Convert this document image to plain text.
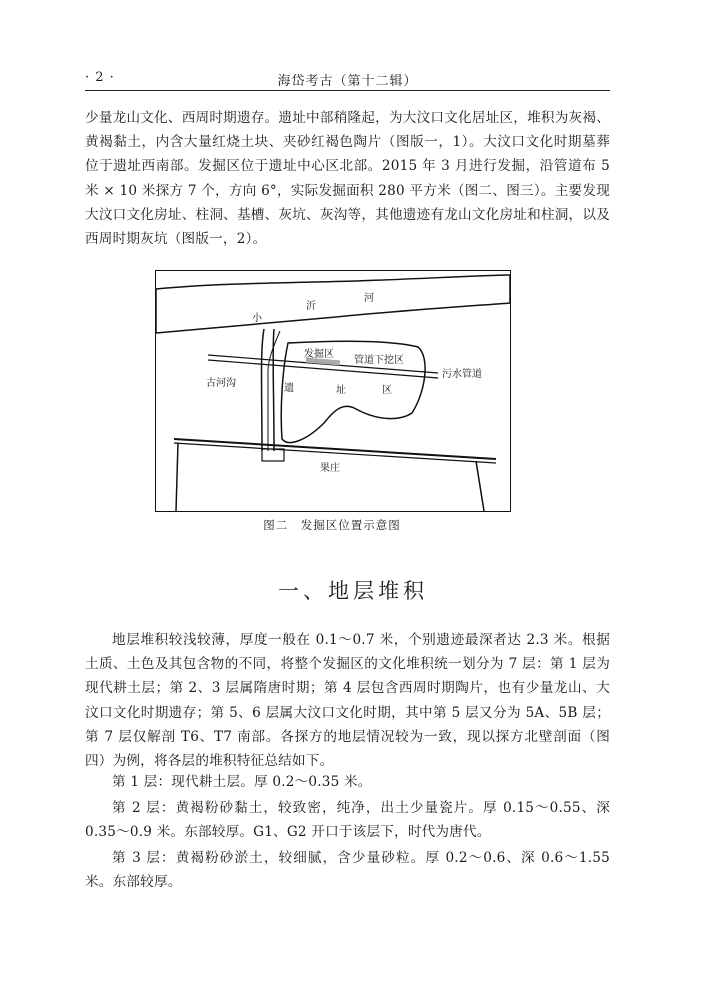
· 2 ·	海岱考古（第十二辑）

少量龙山文化、西周时期遗存。遗址中部稍隆起，为大汶口文化居址区，堆积为灰褐、黄褐黏土，内含大量红烧土块、夹砂红褐色陶片（图版一，1）。大汶口文化时期墓葬位于遗址西南部。发掘区位于遗址中心区北部。2015 年 3 月进行发掘，沿管道布 5 米 × 10 米探方 7 个，方向 6°，实际发掘面积 280 平方米（图二、图三）。主要发现大汶口文化房址、柱洞、基槽、灰坑、灰沟等，其他遗迹有龙山文化房址和柱洞，以及西周时期灰坑（图版一，2）。

小
沂
河
发掘区
管道下挖区
污水管道
古河沟	遗	址	区
果庄
图二　发掘区位置示意图
一、地层堆积

地层堆积较浅较薄，厚度一般在 0.1～0.7 米，个别遗迹最深者达 2.3 米。根据土质、土色及其包含物的不同，将整个发掘区的文化堆积统一划分为 7 层：第 1 层为现代耕土层；第 2、3 层属隋唐时期；第 4 层包含西周时期陶片，也有少量龙山、大汶口文化时期遗存；第 5、6 层属大汶口文化时期，其中第 5 层又分为 5A、5B 层；第 7 层仅解剖 T6、T7 南部。各探方的地层情况较为一致，现以探方北壁剖面（图四）为例，将各层的堆积特征总结如下。

第 1 层：现代耕土层。厚 0.2～0.35 米。

第 2 层：黄褐粉砂黏土，较致密，纯净，出土少量瓷片。厚 0.15～0.55、深 0.35～0.9 米。东部较厚。G1、G2 开口于该层下，时代为唐代。

第 3 层：黄褐粉砂淤土，较细腻，含少量砂粒。厚 0.2～0.6、深 0.6～1.55 米。东部较厚。
